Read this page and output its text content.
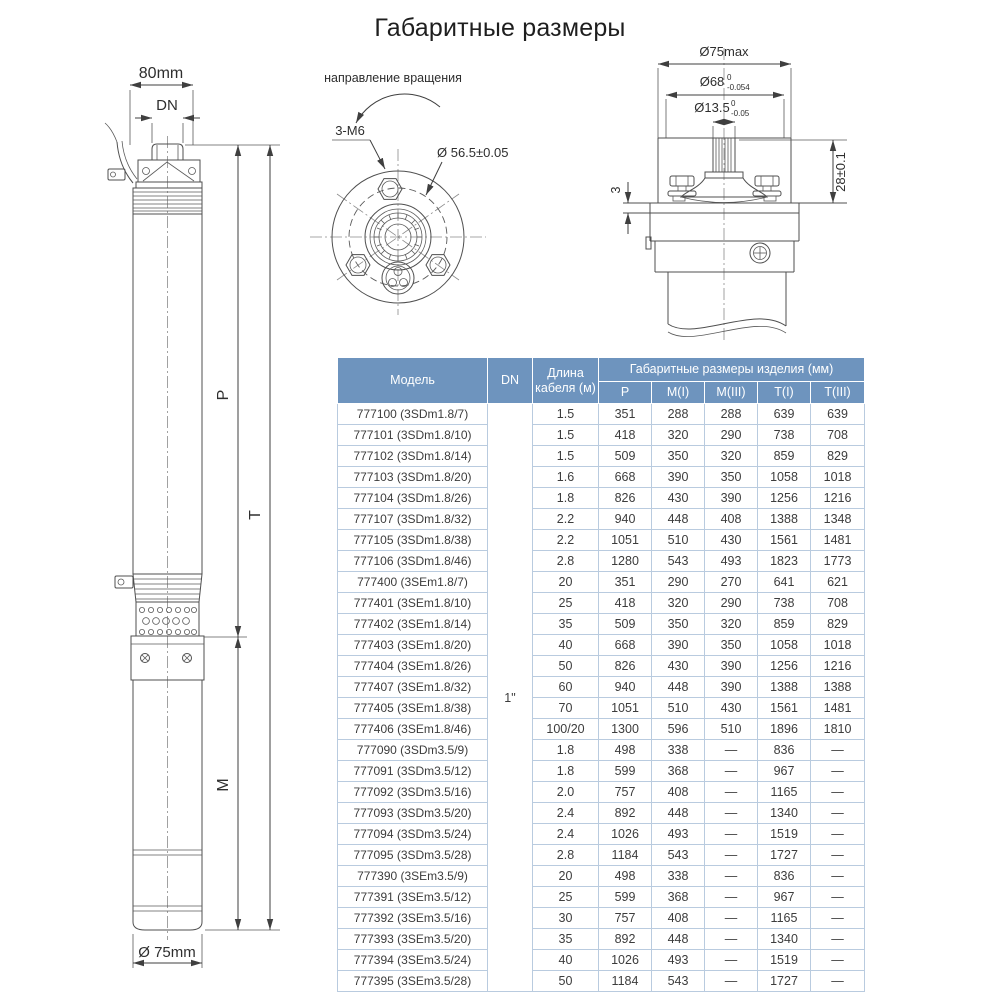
Габаритные размеры
80mm
DN
P
T
M
Ø 75mm
направление вращения
3-M6
Ø 56.5±0.05
Ø75max
Ø68 0
-0.054
Ø13.5 0
-0.05
28±0.1
3
Модель	DN	Длина кабеля (м)	Габаритные размеры изделия (мм)				
			P	M(I)	M(III)	T(I)	T(III)
777100 (3SDm1.8/7)	1"	1.5	351	288	288	639	639
777101 (3SDm1.8/10)		1.5	418	320	290	738	708
777102 (3SDm1.8/14)		1.5	509	350	320	859	829
777103 (3SDm1.8/20)		1.6	668	390	350	1058	1018
777104 (3SDm1.8/26)		1.8	826	430	390	1256	1216
777107 (3SDm1.8/32)		2.2	940	448	408	1388	1348
777105 (3SDm1.8/38)		2.2	1051	510	430	1561	1481
777106 (3SDm1.8/46)		2.8	1280	543	493	1823	1773
777400 (3SEm1.8/7)		20	351	290	270	641	621
777401 (3SEm1.8/10)		25	418	320	290	738	708
777402 (3SEm1.8/14)		35	509	350	320	859	829
777403 (3SEm1.8/20)		40	668	390	350	1058	1018
777404 (3SEm1.8/26)		50	826	430	390	1256	1216
777407 (3SEm1.8/32)		60	940	448	390	1388	1388
777405 (3SEm1.8/38)		70	1051	510	430	1561	1481
777406 (3SEm1.8/46)		100/20	1300	596	510	1896	1810
777090 (3SDm3.5/9)		1.8	498	338	—	836	—
777091 (3SDm3.5/12)		1.8	599	368	—	967	—
777092 (3SDm3.5/16)		2.0	757	408	—	1165	—
777093 (3SDm3.5/20)		2.4	892	448	—	1340	—
777094 (3SDm3.5/24)		2.4	1026	493	—	1519	—
777095 (3SDm3.5/28)		2.8	1184	543	—	1727	—
777390 (3SEm3.5/9)		20	498	338	—	836	—
777391 (3SEm3.5/12)		25	599	368	—	967	—
777392 (3SEm3.5/16)		30	757	408	—	1165	—
777393 (3SEm3.5/20)		35	892	448	—	1340	—
777394 (3SEm3.5/24)		40	1026	493	—	1519	—
777395 (3SEm3.5/28)		50	1184	543	—	1727	—
